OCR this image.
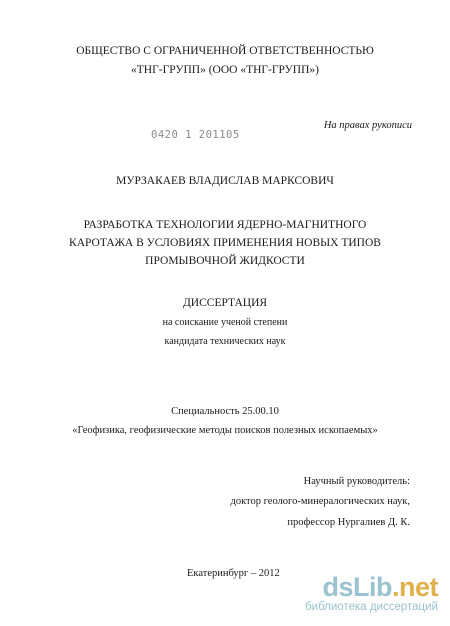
ОБЩЕСТВО С ОГРАНИЧЕННОЙ ОТВЕТСТВЕННОСТЬЮ
«ТНГ-ГРУПП» (ООО «ТНГ-ГРУПП»)
0420 1 201105
На правах рукописи
МУРЗАКАЕВ ВЛАДИСЛАВ МАРКСОВИЧ
РАЗРАБОТКА ТЕХНОЛОГИИ ЯДЕРНО-МАГНИТНОГО КАРОТАЖА В УСЛОВИЯХ ПРИМЕНЕНИЯ НОВЫХ ТИПОВ ПРОМЫВОЧНОЙ ЖИДКОСТИ
ДИССЕРТАЦИЯ
на соискание ученой степени
кандидата технических наук
Специальность 25.00.10
«Геофизика, геофизические методы поисков полезных ископаемых»
Научный руководитель:
доктор геолого-минералогических наук,
профессор Нургалиев Д. К.
Екатеринбург – 2012	dsLib.net
библиотека диссертаций
